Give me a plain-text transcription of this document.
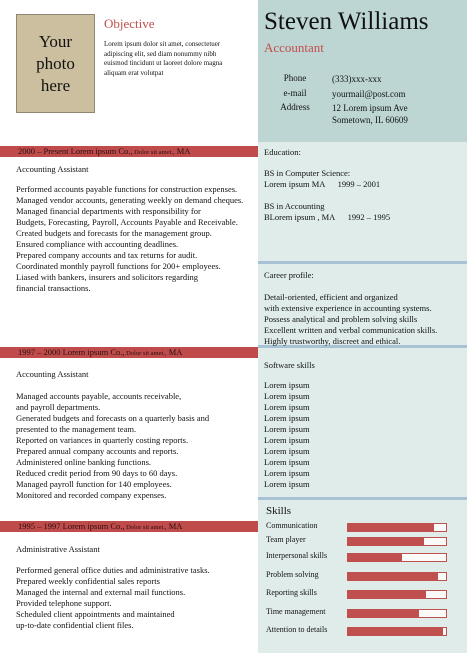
Your
photo
here
Objective
Lorem ipsum dolor sit amet, consectetuer
adipiscing elit, sed diam nonummy nibh
euismod tincidunt ut laoreet dolore magna
aliquam erat volutpat
Steven Williams
Accountant
Phone	(333)xxx-xxx
e-mail	yourmail@post.com
Address	12 Lorem ipsum Ave
Sometown, IL 60609
Education:
BS in Computer Science:
Lorem ipsum MA      1999 – 2001
BS in Accounting
BLorem ipsum , MA      1992 – 1995
Career profile:
Detail-oriented, efficient and organized
with extensive experience in accounting systems.
Possess analytical and problem solving skills
Excellent written and verbal communication skills.
Highly trustworthy, discreet and ethical.
Software skills
Lorem ipsum
Lorem ipsum
Lorem ipsum
Lorem ipsum
Lorem ipsum
Lorem ipsum
Lorem ipsum
Lorem ipsum
Lorem ipsum
Lorem ipsum
2000 – Present Lorem ipsum Co., Dolor sit amet., MA
Accounting Assistant
Performed accounts payable functions for construction expenses.
Managed vendor accounts, generating weekly on demand cheques.
Managed financial departments with responsibility for
Budgets, Forecasting, Payroll, Accounts Payable and Receivable.
Created budgets and forecasts for the management group.
Ensured compliance with accounting deadlines.
Prepared company accounts and tax returns for audit.
Coordinated monthly payroll functions for 200+ employees.
Liased with bankers, insurers and solicitors regarding
financial transactions.
1997 – 2000 Lorem ipsum Co., Dolor sit amet., MA
Accounting Assistant
Managed accounts payable, accounts receivable,
and payroll departments.
Generated budgets and forecasts on a quarterly basis and
presented to the management team.
Reported on variances in quarterly costing reports.
Prepared annual company accounts and reports.
Administered online banking functions.
Reduced credit period from 90 days to 60 days.
Managed payroll function for 140 employees.
Monitored and recorded company expenses.
1995 – 1997 Lorem ipsum Co., Dolor sit amet., MA
Administrative Assistant
Performed general office duties and administrative tasks.
Prepared weekly confidential sales reports
Managed the internal and external mail functions.
Provided telephone support.
Scheduled client appointments and maintained
up-to-date confidential client files.
Skills
Communication
Team player
Interpersonal skills
Problem solving
Reporting skills
Time management
Attention to details
